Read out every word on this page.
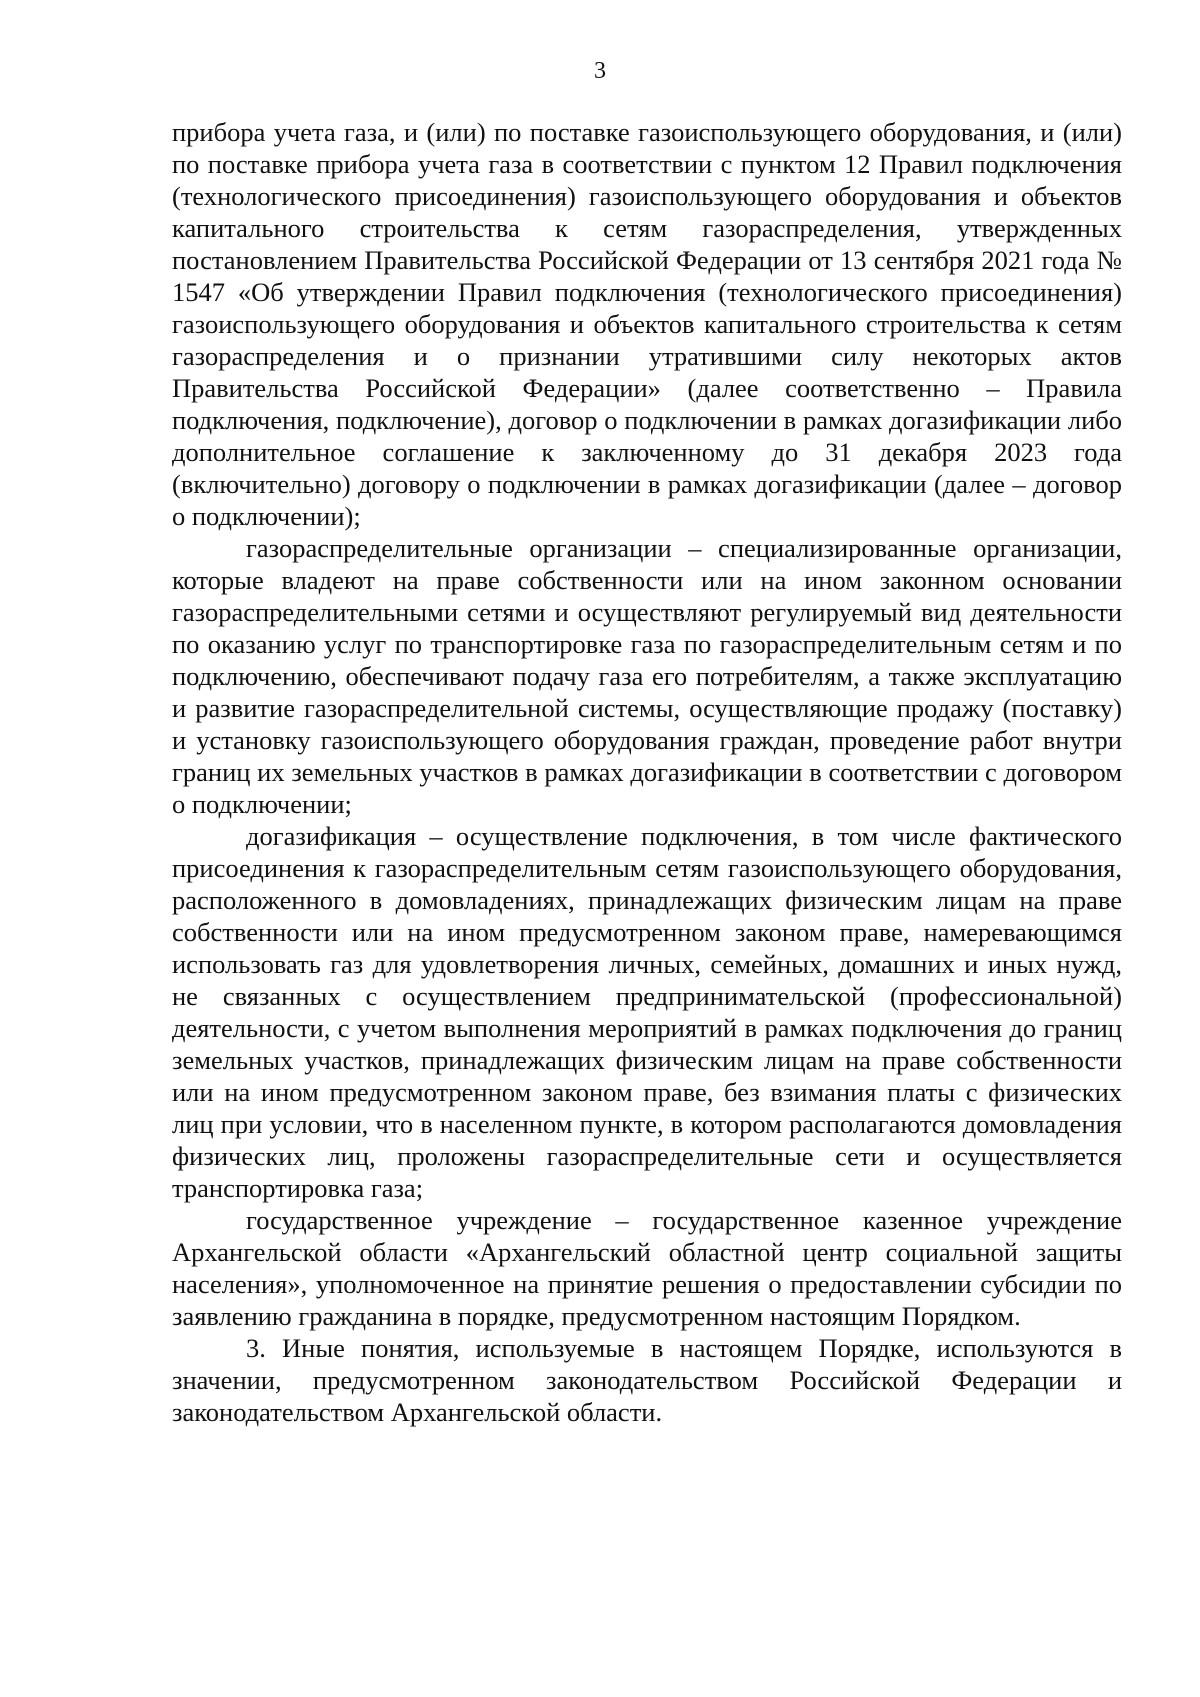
3

прибора учета газа, и (или) по поставке газоиспользующего оборудования, и (или) по поставке прибора учета газа в соответствии с пунктом 12 Правил подключения (технологического присоединения) газоиспользующего оборудования и объектов капитального строительства к сетям газораспределения, утвержденных постановлением Правительства Российской Федерации от 13 сентября 2021 года № 1547 «Об утверждении Правил подключения (технологического присоединения) газоиспользующего оборудования и объектов капитального строительства к сетям газораспределения и о признании утратившими силу некоторых актов Правительства Российской Федерации» (далее соответственно – Правила подключения, подключение), договор о подключении в рамках догазификации либо дополнительное соглашение к заключенному до 31 декабря 2023 года (включительно) договору о подключении в рамках догазификации (далее – договор о подключении);

газораспределительные организации – специализированные организации, которые владеют на праве собственности или на ином законном основании газораспределительными сетями и осуществляют регулируемый вид деятельности по оказанию услуг по транспортировке газа по газораспределительным сетям и по подключению, обеспечивают подачу газа его потребителям, а также эксплуатацию и развитие газораспределительной системы, осуществляющие продажу (поставку) и установку газоиспользующего оборудования граждан, проведение работ внутри границ их земельных участков в рамках догазификации в соответствии с договором о подключении;

догазификация – осуществление подключения, в том числе фактического присоединения к газораспределительным сетям газоиспользующего оборудования, расположенного в домовладениях, принадлежащих физическим лицам на праве собственности или на ином предусмотренном законом праве, намеревающимся использовать газ для удовлетворения личных, семейных, домашних и иных нужд, не связанных с осуществлением предпринимательской (профессиональной) деятельности, с учетом выполнения мероприятий в рамках подключения до границ земельных участков, принадлежащих физическим лицам на праве собственности или на ином предусмотренном законом праве, без взимания платы с физических лиц при условии, что в населенном пункте, в котором располагаются домовладения физических лиц, проложены газораспределительные сети и осуществляется транспортировка газа;

государственное учреждение – государственное казенное учреждение Архангельской области «Архангельский областной центр социальной защиты населения», уполномоченное на принятие решения о предоставлении субсидии по заявлению гражданина в порядке, предусмотренном настоящим Порядком.

3. Иные понятия, используемые в настоящем Порядке, используются в значении, предусмотренном законодательством Российской Федерации и законодательством Архангельской области.
